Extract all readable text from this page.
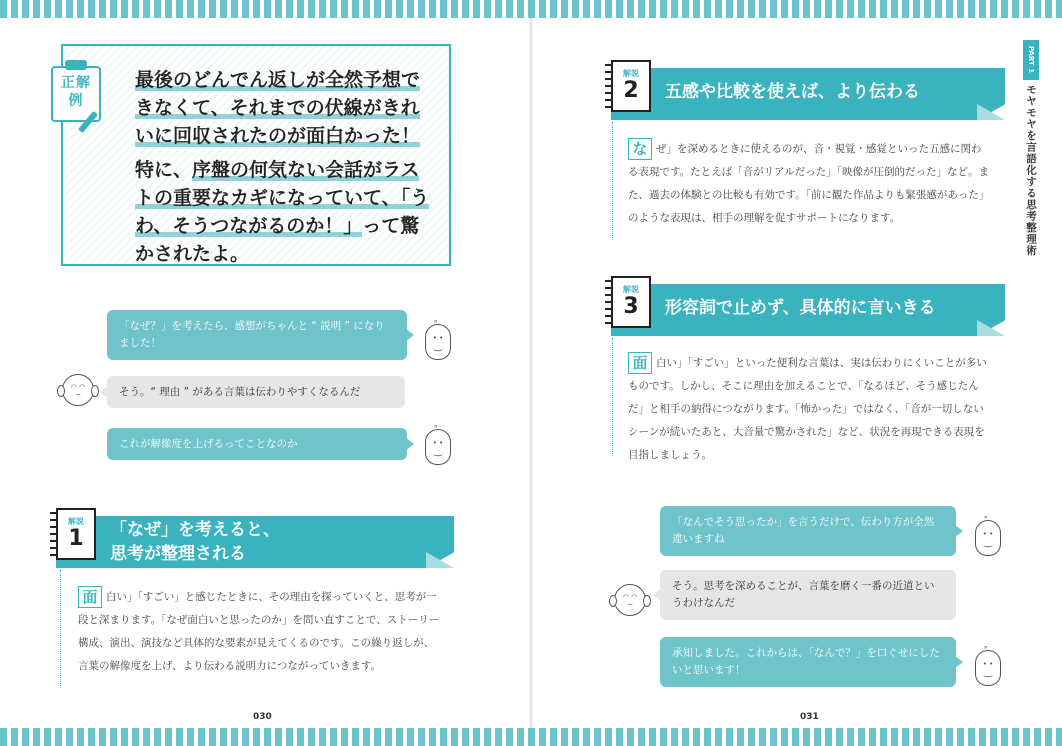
正解
例

最後のどんでん返しが全然予想できなくて、それまでの伏線がきれいに回収されたのが面白かった！

特に、序盤の何気ない会話がラストの重要なカギになっていて、「うわ、そうつながるのか！」って驚かされたよ。

「なぜ？」を考えたら、感想がちゃんと “ 説明 ” になりました！
• • ᐢ
‿
◠ ◠
⌣
そう。“ 理由 ” がある言葉は伝わりやすくなるんだ
これが解像度を上げるってことなのか
• • ᐢ
‿
解説
1	「なぜ」を考えると、
思考が整理される
面 白い」「すごい」と感じたときに、その理由を探っていくと、思考が一段と深まります。「なぜ面白いと思ったのか」を問い直すことで、ストーリー構成、演出、演技など具体的な要素が見えてくるのです。この繰り返しが、言葉の解像度を上げ、より伝わる説明力につながっていきます。
030
解説
2	五感や比較を使えば、より伝わる
な ぜ」を深めるときに使えるのが、音・視覚・感覚といった五感に関わる表現です。たとえば「音がリアルだった」「映像が圧倒的だった」など。また、過去の体験との比較も有効です。「前に観た作品よりも緊張感があった」のような表現は、相手の理解を促すサポートになります。
解説
3	形容詞で止めず、具体的に言いきる
面 白い」「すごい」といった便利な言葉は、実は伝わりにくいことが多いものです。しかし、そこに理由を加えることで、「なるほど、そう感じたんだ」と相手の納得につながります。「怖かった」ではなく、「音が一切しないシーンが続いたあと、大音量で驚かされた」など、状況を再現できる表現を目指しましょう。
「なんでそう思ったか」を言うだけで、伝わり方が全然違いますね
• • ᐢ
‿
◠ ◠
⌣
そう。思考を深めることが、言葉を磨く一番の近道というわけなんだ
承知しました。これからは、「なんで？」を口ぐせにしたいと思います！
• • ᐢ
‿
PART 1
モヤモヤを言語化する思考整理術
031
